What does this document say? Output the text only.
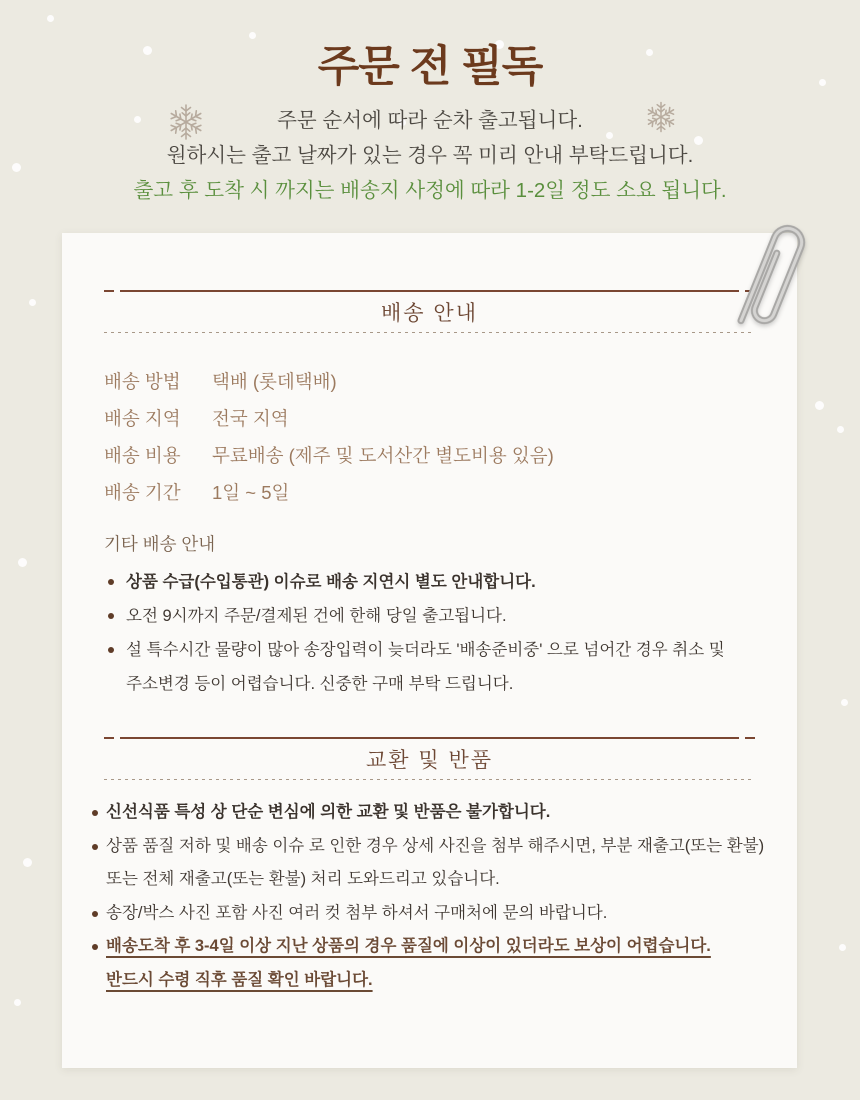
주문 전 필독

주문 순서에 따라 순차 출고됩니다.

원하시는 출고 날짜가 있는 경우 꼭 미리 안내 부탁드립니다.

출고 후 도착 시 까지는 배송지 사정에 따라 1-2일 정도 소요 됩니다.

배송 안내
배송 방법	택배 (롯데택배)
배송 지역	전국 지역
배송 비용	무료배송 (제주 및 도서산간 별도비용 있음)
배송 기간	1일 ~ 5일
기타 배송 안내
상품 수급(수입통관) 이슈로 배송 지연시 별도 안내합니다.
오전 9시까지 주문/결제된 건에 한해 당일 출고됩니다.
설 특수시간 물량이 많아 송장입력이 늦더라도 '배송준비중' 으로 넘어간 경우 취소 및
주소변경 등이 어렵습니다. 신중한 구매 부탁 드립니다.
교환 및 반품
신선식품 특성 상 단순 변심에 의한 교환 및 반품은 불가합니다.
상품 품질 저하 및 배송 이슈 로 인한 경우 상세 사진을 첨부 해주시면, 부분 재출고(또는 환불)
또는 전체 재출고(또는 환불) 처리 도와드리고 있습니다.
송장/박스 사진 포함 사진 여러 컷 첨부 하셔서 구매처에 문의 바랍니다.
배송도착 후 3-4일 이상 지난 상품의 경우 품질에 이상이 있더라도 보상이 어렵습니다.
반드시 수령 직후 품질 확인 바랍니다.
